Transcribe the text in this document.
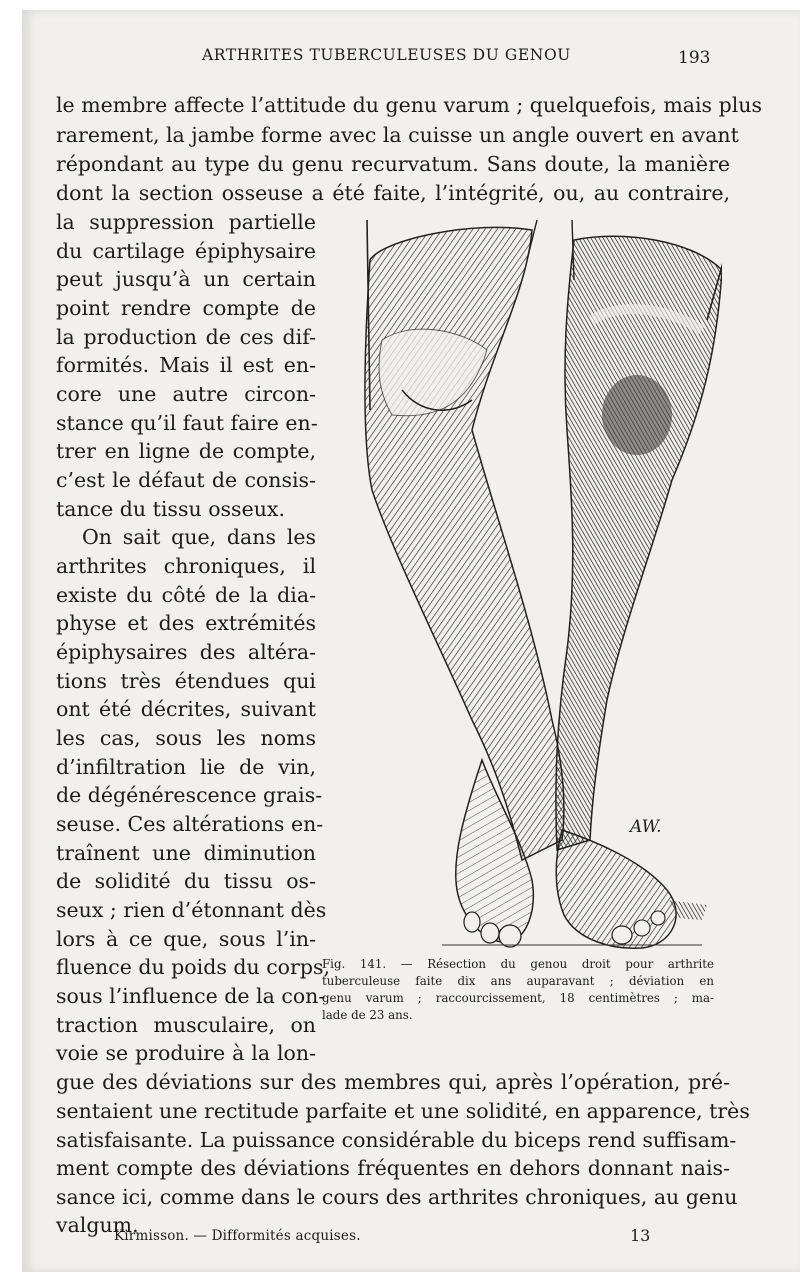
ARTHRITES TUBERCULEUSES DU GENOU	193
le membre affecte l’attitude du genu varum ; quelquefois, mais plus
rarement, la jambe forme avec la cuisse un angle ouvert en avant
répondant au type du genu recurvatum. Sans doute, la manière
dont la section osseuse a été faite, l’intégrité, ou, au contraire,
la suppression partielle
du cartilage épiphysaire
peut jusqu’à un certain
point rendre compte de
la production de ces dif-
formités. Mais il est en-
core une autre circon-
stance qu’il faut faire en-
trer en ligne de compte,
c’est le défaut de consis-
tance du tissu osseux.
On sait que, dans les
arthrites chroniques, il
existe du côté de la dia-
physe et des extrémités
épiphysaires des altéra-
tions très étendues qui
ont été décrites, suivant
les cas, sous les noms
d’infiltration lie de vin,
de dégénérescence grais-
seuse. Ces altérations en-
traînent une diminution
de solidité du tissu os-
seux ; rien d’étonnant dès
lors à ce que, sous l’in-
fluence du poids du corps,
sous l’influence de la con-
traction musculaire, on
voie se produire à la lon-
gue des déviations sur des membres qui, après l’opération, pré-
sentaient une rectitude parfaite et une solidité, en apparence, très
satisfaisante. La puissance considérable du biceps rend suffisam-
ment compte des déviations fréquentes en dehors donnant nais-
sance ici, comme dans le cours des arthrites chroniques, au genu
valgum.
AW.
Fig. 141. — Résection du genou droit pour arthrite
tuberculeuse faite dix ans auparavant ; déviation en
genu varum ; raccourcissement, 18 centimètres ; ma-
lade de 23 ans.
Kirmisson. — Difformités acquises.	13
